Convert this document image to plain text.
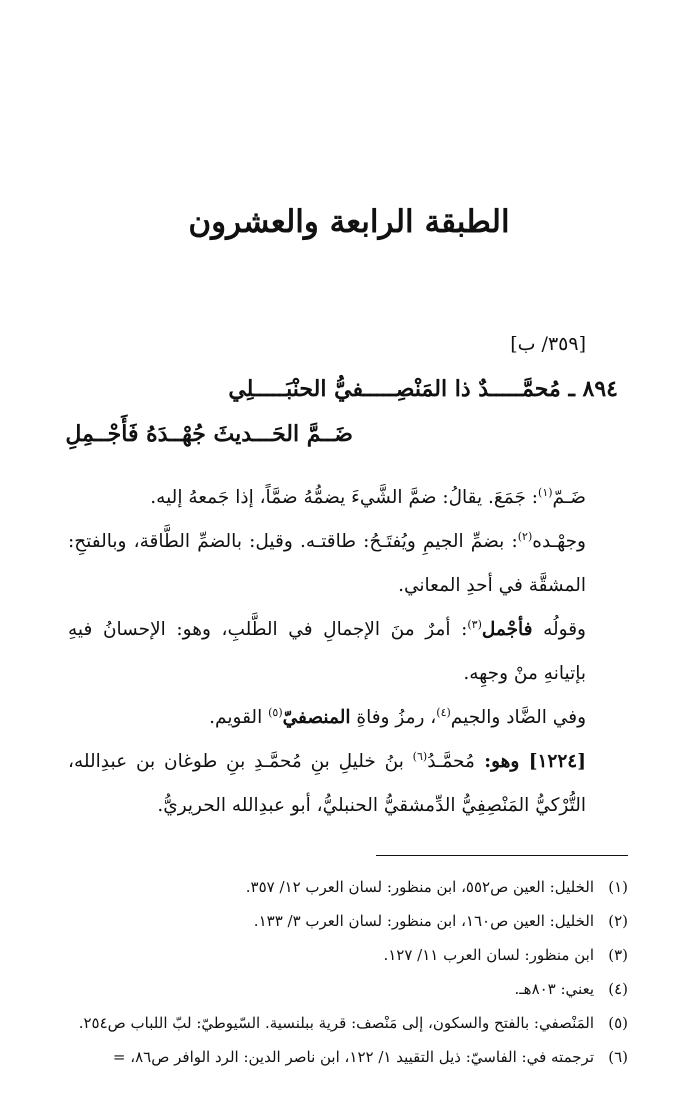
الطبقة الرابعة والعشرون
[٣٥٩/ ب]
٨٩٤ ـ مُحمَّـــــدٌ ذا المَنْصِـــــفيُّ الحنْبَـــــلِي
ضَــمَّ الحَـــديثَ جُهْــدَهُ فَأَجْــمِلِ

ضَـمّ$^{(١)}$: جَمَعَ. يقالُ: ضمَّ الشَّيءَ يضمُّهُ ضمَّاً، إذا جَمعهُ إليه.

وجهْـده$^{(٢)}$: بضمِّ الجيمِ ويُفتَـحُ: طاقتـه. وقيل: بالضمِّ الطَّاقة، وبالفتحِ: المشقَّة في أحدِ المعاني.

وقولُه فأجْمل$^{(٣)}$: أمرٌ منَ الإجمالِ في الطَّلبِ، وهو: الإحسانُ فيهِ بإتيانهِ منْ وجهِه.

وفي الضَّاد والجيم$^{(٤)}$، رمزُ وفاةِ المنصفيّ$^{(٥)}$ القويم.

[١٢٢٤] وهو: مُحمَّـدُ$^{(٦)}$ بنُ خليلِ بنِ مُحمَّـدِ بنِ طوغان بن عبدِالله، التُّرْكيُّ المَنْصِفِيُّ الدِّمشقيُّ الحنبليُّ، أبو عبدِالله الحريريُّ.

(١)
الخليل: العين ص٥٥٢، ابن منظور: لسان العرب ١٢/ ٣٥٧.
(٢)
الخليل: العين ص١٦٠، ابن منظور: لسان العرب ٣/ ١٣٣.
(٣)
ابن منظور: لسان العرب ١١/ ١٢٧.
(٤)
يعني: ٨٠٣هـ.
(٥)
المَنْصفي: بالفتح والسكون، إلى مَنْصف: قرية ببلنسية. السّيوطيّ: لبّ اللباب ص٢٥٤.
(٦)
ترجمته في: الفاسيّ: ذيل التقييد ١/ ١٢٢، ابن ناصر الدين: الرد الوافر ص٨٦، =
